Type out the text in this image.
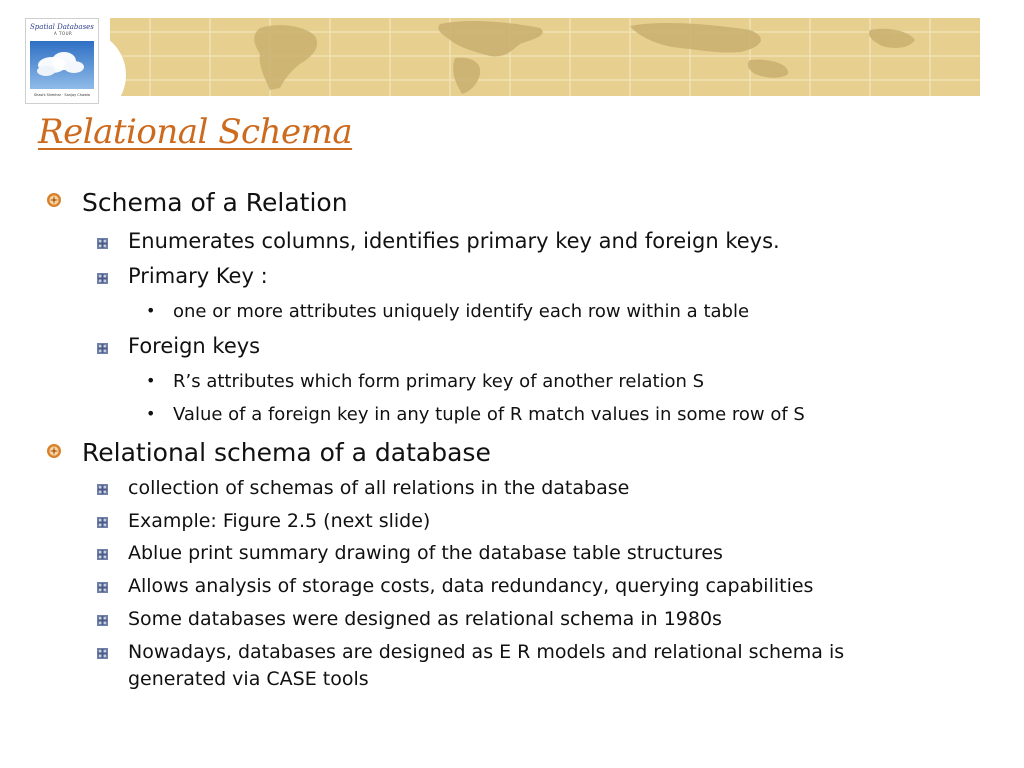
Spatial Databases
A TOUR
Shashi Shekhar · Sanjay Chawla
Relational Schema
Schema of a Relation
Enumerates columns, identifies primary key and foreign keys.
Primary Key :
• one or more attributes uniquely identify each row within a table
Foreign keys
• R’s attributes which form primary key of another relation S
• Value of a foreign key in any tuple of R match values in some row of S
Relational schema of a database
collection of schemas of all relations in the database
Example: Figure 2.5 (next slide)
Ablue print summary drawing of the database table structures
Allows analysis of storage costs, data redundancy, querying capabilities
Some databases were designed as relational schema in 1980s
Nowadays, databases are designed as E R models and relational schema is
generated via CASE tools
